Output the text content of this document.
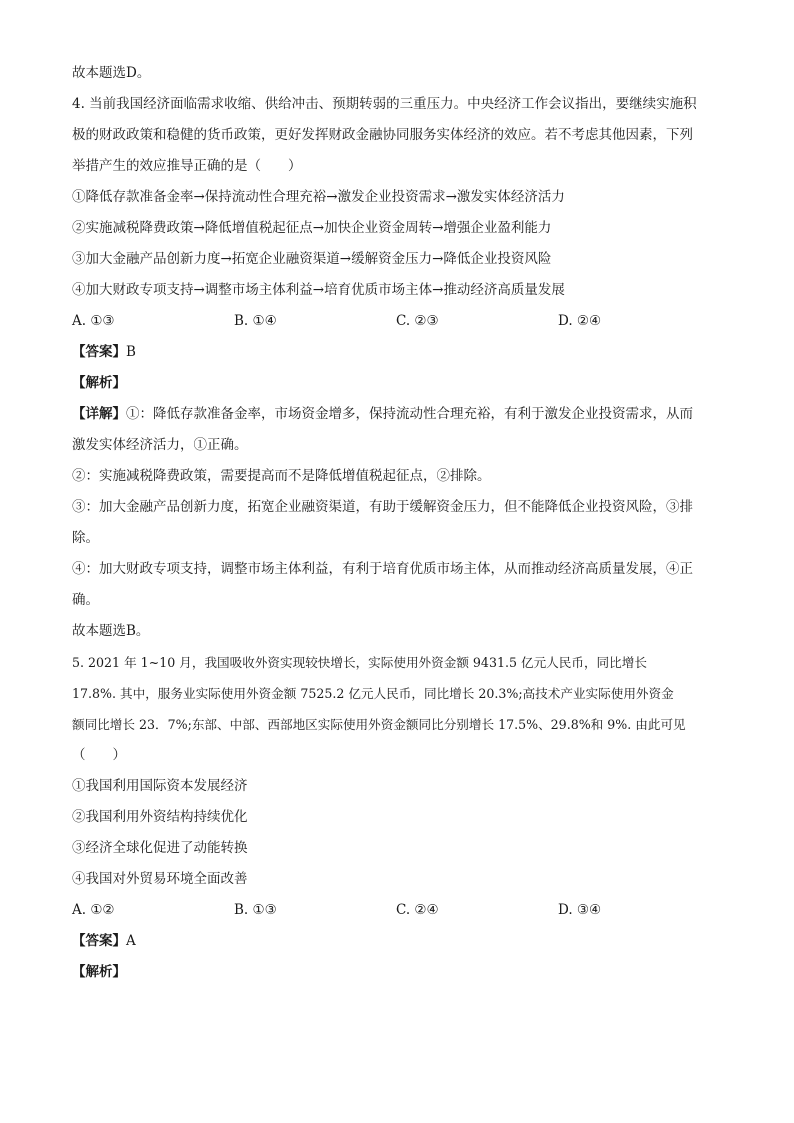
故本题选D。
4. 当前我国经济面临需求收缩、供给冲击、预期转弱的三重压力。中央经济工作会议指出，要继续实施积
极的财政政策和稳健的货币政策，更好发挥财政金融协同服务实体经济的效应。若不考虑其他因素，下列
举措产生的效应推导正确的是（　　）
①降低存款准备金率→保持流动性合理充裕→激发企业投资需求→激发实体经济活力
②实施减税降费政策→降低增值税起征点→加快企业资金周转→增强企业盈利能力
③加大金融产品创新力度→拓宽企业融资渠道→缓解资金压力→降低企业投资风险
④加大财政专项支持→调整市场主体利益→培育优质市场主体→推动经济高质量发展
A. ①③	B. ①④	C. ②③	D. ②④
【答案】B
【解析】
【详解】①：降低存款准备金率，市场资金增多，保持流动性合理充裕，有利于激发企业投资需求，从而
激发实体经济活力，①正确。
②：实施减税降费政策，需要提高而不是降低增值税起征点，②排除。
③：加大金融产品创新力度，拓宽企业融资渠道，有助于缓解资金压力，但不能降低企业投资风险，③排
除。
④：加大财政专项支持，调整市场主体利益，有利于培育优质市场主体，从而推动经济高质量发展，④正
确。
故本题选B。
5. 2021 年 1~10 月，我国吸收外资实现较快增长，实际使用外资金额 9431.5 亿元人民币，同比增长
17.8%. 其中，服务业实际使用外资金额 7525.2 亿元人民币，同比增长 20.3%;高技术产业实际使用外资金
额同比增长 23．7%;东部、中部、西部地区实际使用外资金额同比分别增长 17.5%、29.8%和 9%. 由此可见
（　　）
①我国利用国际资本发展经济
②我国利用外资结构持续优化
③经济全球化促进了动能转换
④我国对外贸易环境全面改善
A. ①②	B. ①③	C. ②④	D. ③④
【答案】A
【解析】
